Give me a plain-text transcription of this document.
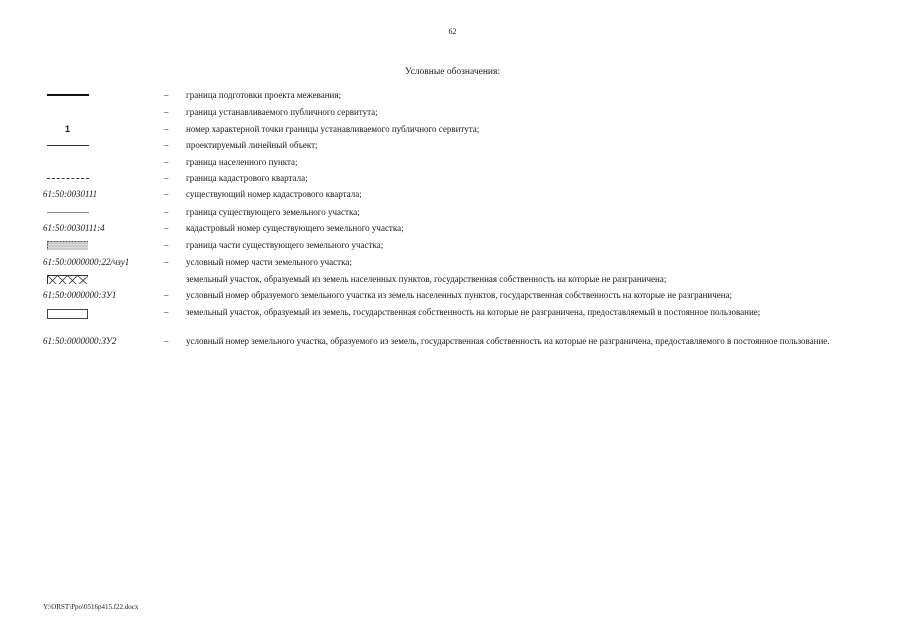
62
Условные обозначения:
– граница подготовки проекта межевания;
– граница устанавливаемого публичного сервитута;
1	– номер характерной точки границы устанавливаемого публичного сервитута;
– проектируемый линейный объект;
– граница населенного пункта;
– граница кадастрового квартала;
61:50:0030111	– существующий номер кадастрового квартала;
– граница существующего земельного участка;
61:50:0030111:4	– кадастровый номер существующего земельного участка;
– граница части существующего земельного участка;
61:50:0000000:22/чзу1	– условный номер части земельного участка;
земельный участок, образуемый из земель населенных пунктов, государственная собственность на которые не разграничена;
61:50:0000000:ЗУ1	– условный номер образуемого земельного участка из земель населенных пунктов, государственная собственность на которые не разграничена;
– земельный участок, образуемый из земель, государственная собственность на которые не разграничена, предоставляемый в постоянное пользование;
61:50:0000000:ЗУ2	– условный номер земельного участка, образуемого из земель, государственная собственность на которые не разграничена, предоставляемого в постоянное пользование.
Y:\ORST\Ppo\0516p415.f22.docx
